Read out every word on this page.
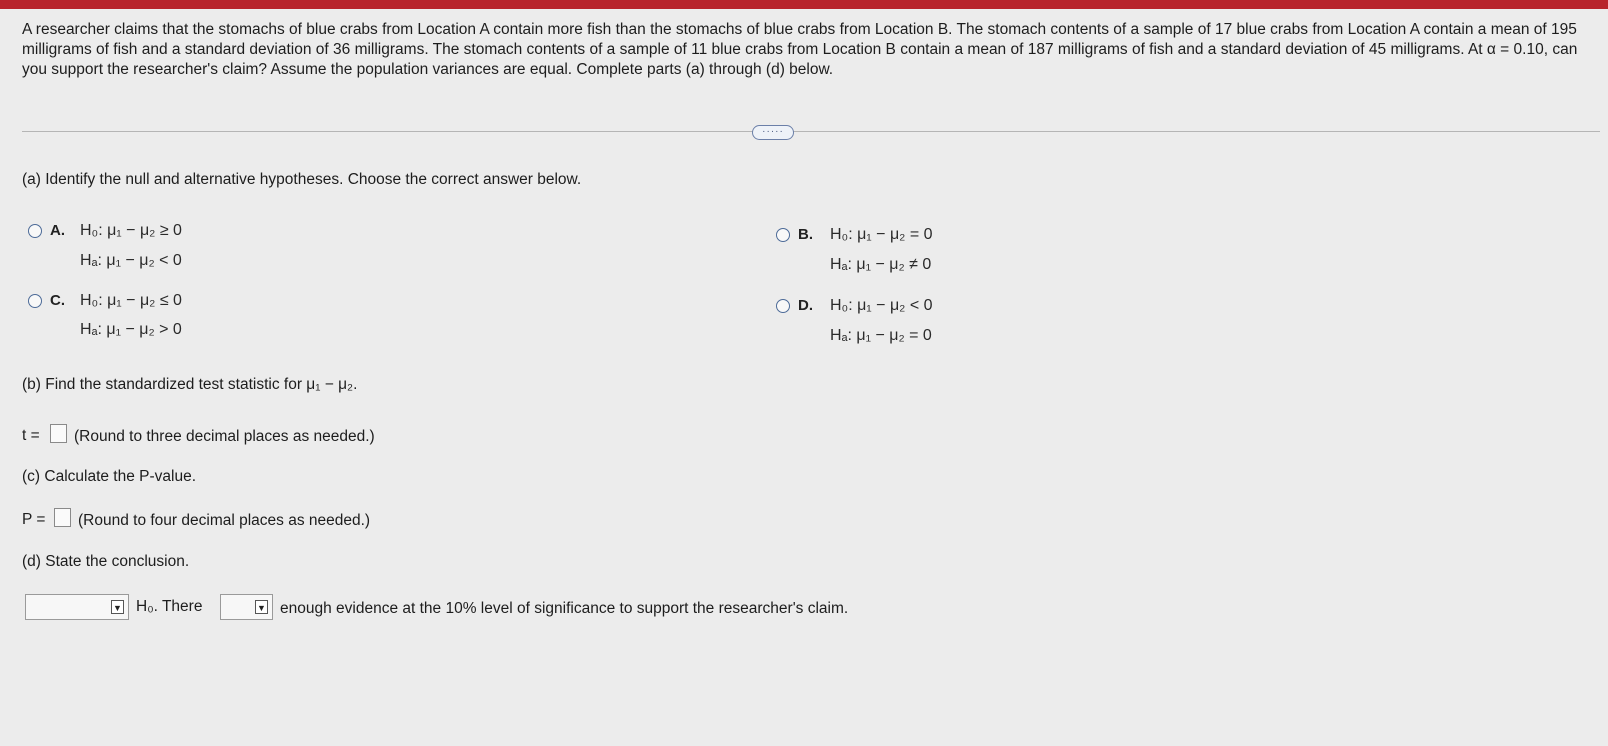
A researcher claims that the stomachs of blue crabs from Location A contain more fish than the stomachs of blue crabs from Location B. The stomach contents of a sample of 17 blue crabs from Location A contain a mean of 195 milligrams of fish and a standard deviation of 36 milligrams. The stomach contents of a sample of 11 blue crabs from Location B contain a mean of 187 milligrams of fish and a standard deviation of 45 milligrams. At α = 0.10, can you support the researcher's claim? Assume the population variances are equal. Complete parts (a) through (d) below.
·····
(a) Identify the null and alternative hypotheses. Choose the correct answer below.
A. H₀: μ₁ − μ₂ ≥ 0
Hₐ: μ₁ − μ₂ < 0
B. H₀: μ₁ − μ₂ = 0
Hₐ: μ₁ − μ₂ ≠ 0
C. H₀: μ₁ − μ₂ ≤ 0
Hₐ: μ₁ − μ₂ > 0
D. H₀: μ₁ − μ₂ < 0
Hₐ: μ₁ − μ₂ = 0
(b) Find the standardized test statistic for μ₁ − μ₂.
t = (Round to three decimal places as needed.)
(c) Calculate the P-value.
P = (Round to four decimal places as needed.)
(d) State the conclusion.
▼ H₀. There	▼ enough evidence at the 10% level of significance to support the researcher's claim.
